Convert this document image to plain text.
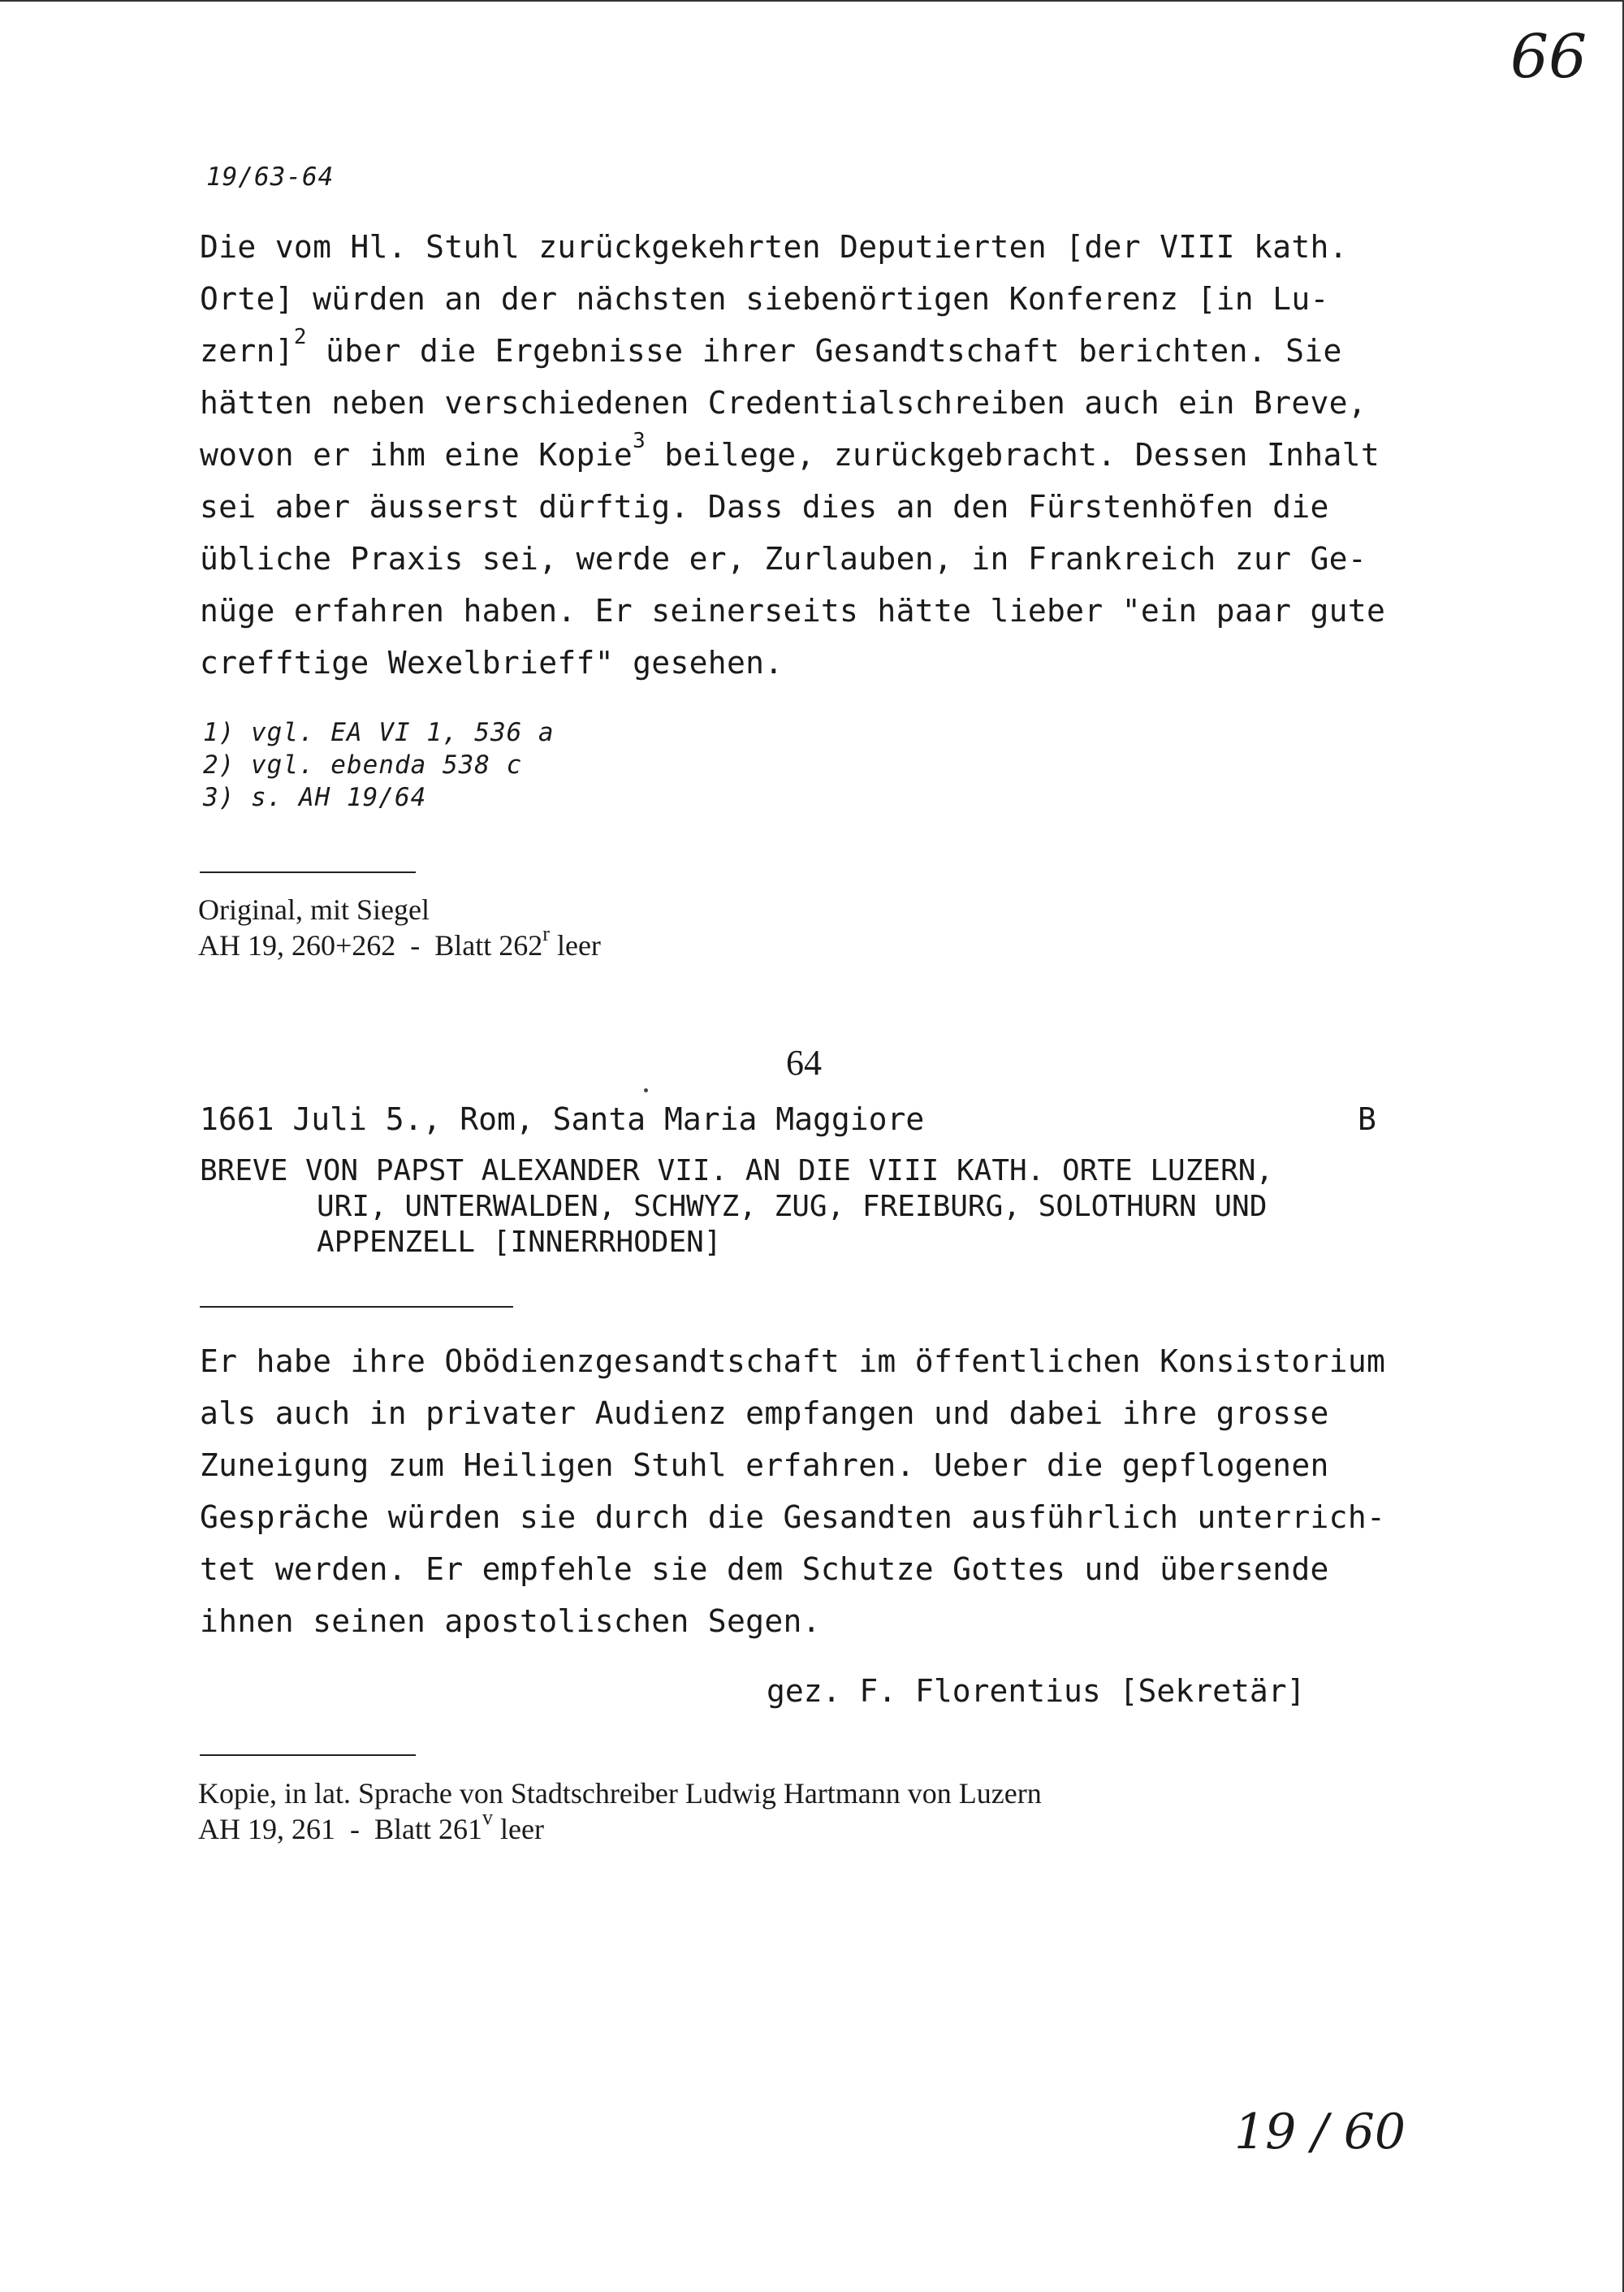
66
19/63-64
Die vom Hl. Stuhl zurückgekehrten Deputierten [der VIII kath.
Orte] würden an der nächsten siebenörtigen Konferenz [in Lu-
zern]$^2$ über die Ergebnisse ihrer Gesandtschaft berichten. Sie
hätten neben verschiedenen Credentialschreiben auch ein Breve,
wovon er ihm eine Kopie$^3$ beilege, zurückgebracht. Dessen Inhalt
sei aber äusserst dürftig. Dass dies an den Fürstenhöfen die
übliche Praxis sei, werde er, Zurlauben, in Frankreich zur Ge-
nüge erfahren haben. Er seinerseits hätte lieber "ein paar gute
crefftige Wexelbrieff" gesehen.
1) vgl. EA VI 1, 536 a
2) vgl. ebenda 538 c
3) s. AH 19/64
Original, mit Siegel
AH 19, 260+262  -  Blatt 262$^r$ leer
64
1661 Juli 5., Rom, Santa Maria Maggiore	B
BREVE VON PAPST ALEXANDER VII. AN DIE VIII KATH. ORTE LUZERN,
URI, UNTERWALDEN, SCHWYZ, ZUG, FREIBURG, SOLOTHURN UND
APPENZELL [INNERRHODEN]
Er habe ihre Obödienzgesandtschaft im öffentlichen Konsistorium
als auch in privater Audienz empfangen und dabei ihre grosse
Zuneigung zum Heiligen Stuhl erfahren. Ueber die gepflogenen
Gespräche würden sie durch die Gesandten ausführlich unterrich-
tet werden. Er empfehle sie dem Schutze Gottes und übersende
ihnen seinen apostolischen Segen.
gez. F. Florentius [Sekretär]
Kopie, in lat. Sprache von Stadtschreiber Ludwig Hartmann von Luzern
AH 19, 261  -  Blatt 261$^v$ leer
19 / 60
